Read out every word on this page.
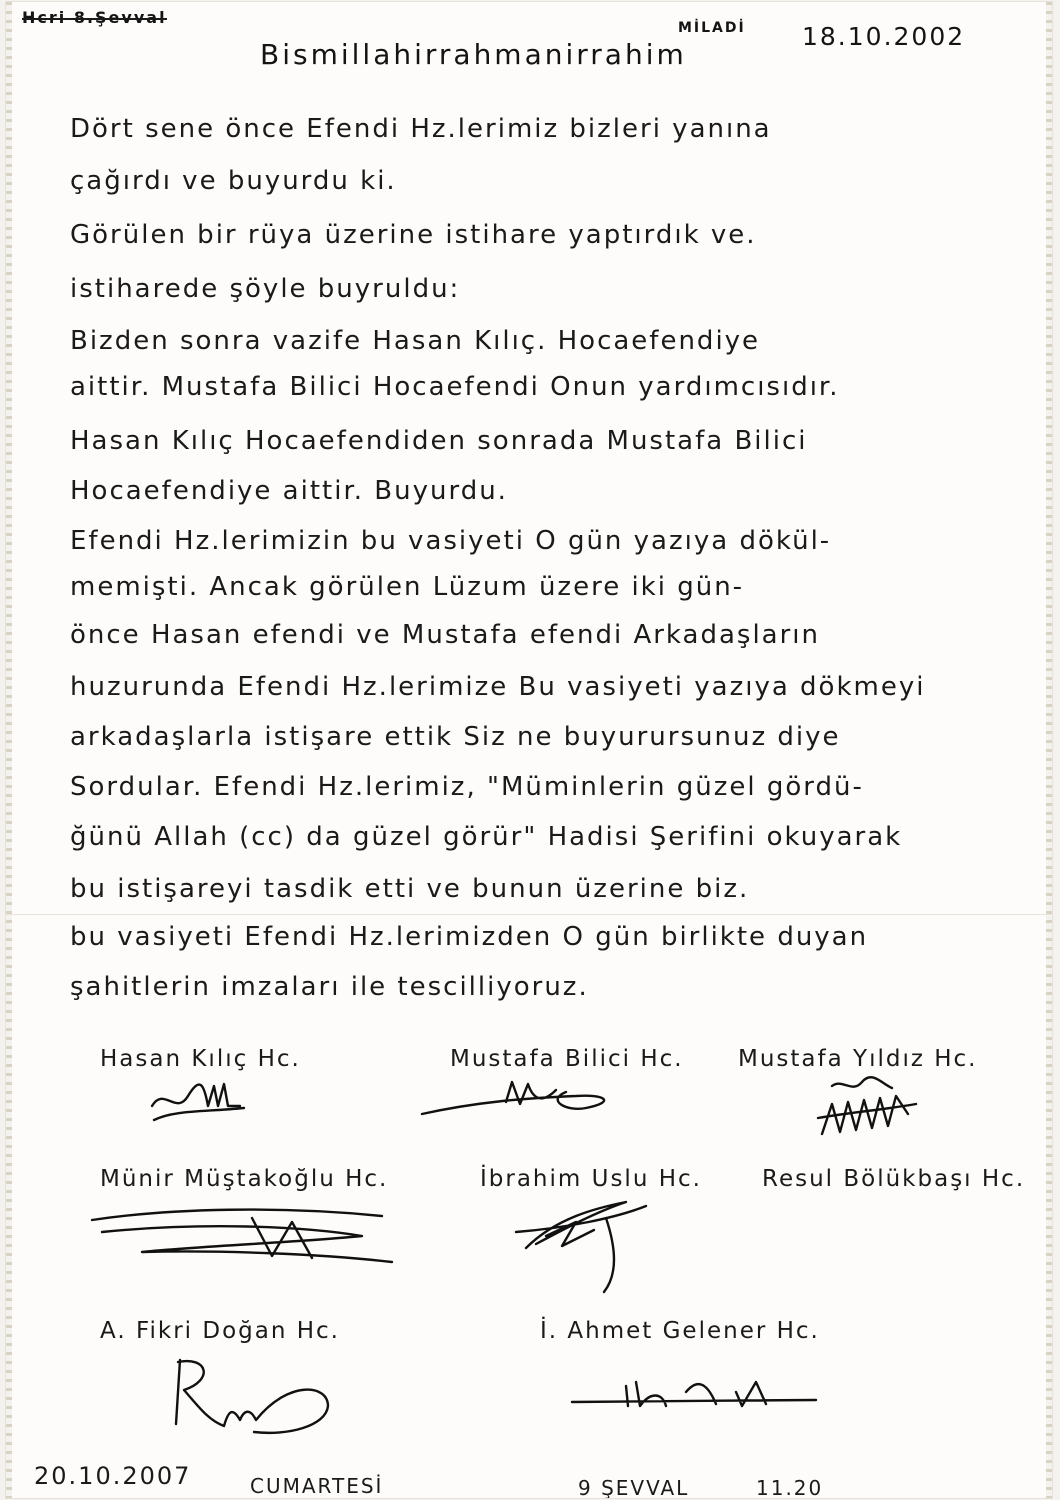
MİLADİ 18.10.2002
Bismillahirrahmanirrahim
Dört sene önce Efendi Hz.lerimiz bizleri yanına
çağırdı ve buyurdu ki.
Görülen bir rüya üzerine istihare yaptırdık ve.
istiharede şöyle buyruldu:
Bizden sonra vazife Hasan Kılıç. Hocaefendiye
aittir. Mustafa Bilici Hocaefendi Onun yardımcısıdır.
Hasan Kılıç Hocaefendiden sonrada Mustafa Bilici
Hocaefendiye aittir. Buyurdu.
Efendi Hz.lerimizin bu vasiyeti O gün yazıya dökül-
memişti. Ancak görülen Lüzum üzere iki gün-
önce Hasan efendi ve Mustafa efendi Arkadaşların
huzurunda Efendi Hz.lerimize Bu vasiyeti yazıya dökmeyi
arkadaşlarla istişare ettik Siz ne buyurursunuz diye
Sordular. Efendi Hz.lerimiz, "Müminlerin güzel gördü-
ğünü Allah (cc) da güzel görür" Hadisi Şerifini okuyarak
bu istişareyi tasdik etti ve bunun üzerine biz.
bu vasiyeti Efendi Hz.lerimizden O gün birlikte duyan
şahitlerin imzaları ile tescilliyoruz.
Hasan Kılıç Hc.	Mustafa Bilici Hc. Mustafa Yıldız Hc.
Münir Müştakoğlu Hc.	İbrahim Uslu Hc.	Resul Bölükbaşı Hc.
A. Fikri Doğan Hc.	İ. Ahmet Gelener Hc.
20.10.2007	CUMARTESİ	9 ŞEVVAL	11.20
